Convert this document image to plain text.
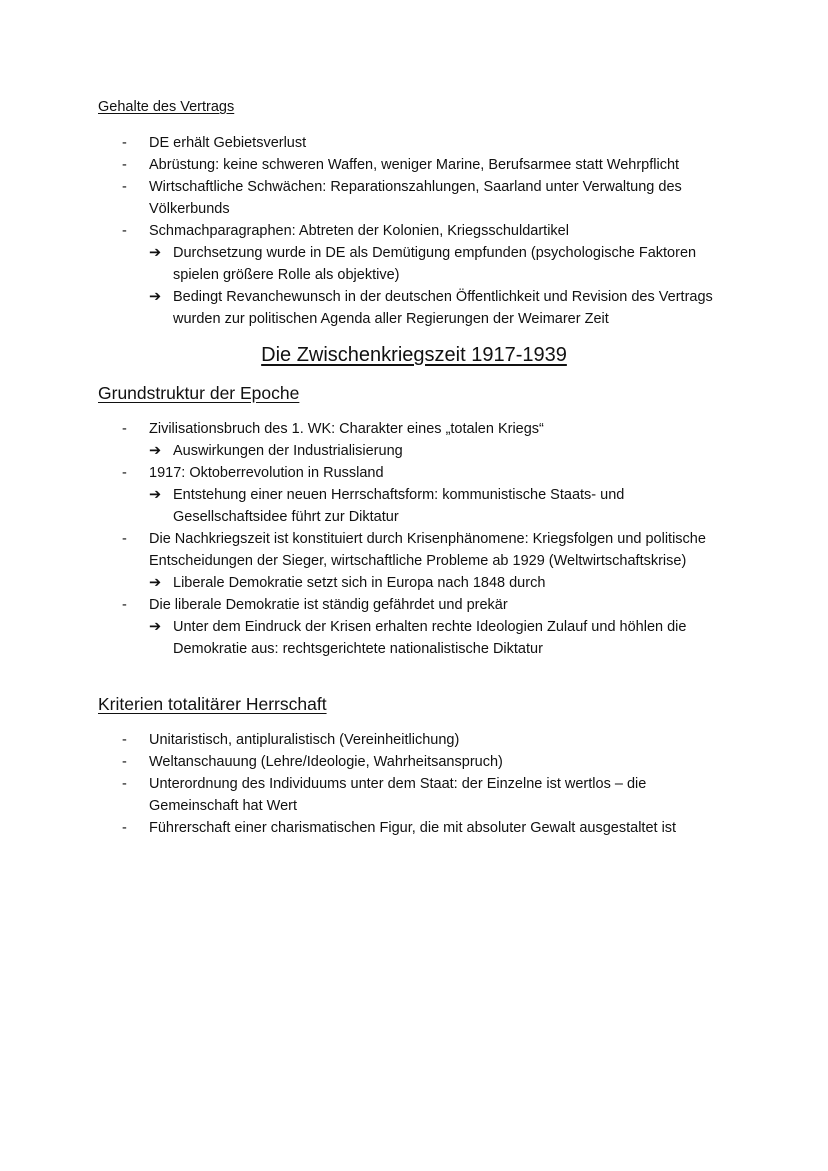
Gehalte des Vertrags
- DE erhält Gebietsverlust
- Abrüstung: keine schweren Waffen, weniger Marine, Berufsarmee statt Wehrpflicht
- Wirtschaftliche Schwächen: Reparationszahlungen, Saarland unter Verwaltung des Völkerbunds
- Schmachparagraphen: Abtreten der Kolonien, Kriegsschuldartikel
➔ Durchsetzung wurde in DE als Demütigung empfunden (psychologische Faktoren spielen größere Rolle als objektive)
➔ Bedingt Revanchewunsch in der deutschen Öffentlichkeit und Revision des Vertrags wurden zur politischen Agenda aller Regierungen der Weimarer Zeit
Die Zwischenkriegszeit 1917-1939
Grundstruktur der Epoche
- Zivilisationsbruch des 1. WK: Charakter eines „totalen Kriegs“
➔ Auswirkungen der Industrialisierung
- 1917: Oktoberrevolution in Russland
➔ Entstehung einer neuen Herrschaftsform: kommunistische Staats- und Gesellschaftsidee führt zur Diktatur
- Die Nachkriegszeit ist konstituiert durch Krisenphänomene: Kriegsfolgen und politische Entscheidungen der Sieger, wirtschaftliche Probleme ab 1929 (Weltwirtschaftskrise)
➔ Liberale Demokratie setzt sich in Europa nach 1848 durch
- Die liberale Demokratie ist ständig gefährdet und prekär
➔ Unter dem Eindruck der Krisen erhalten rechte Ideologien Zulauf und höhlen die Demokratie aus: rechtsgerichtete nationalistische Diktatur
Kriterien totalitärer Herrschaft
- Unitaristisch, antipluralistisch (Vereinheitlichung)
- Weltanschauung (Lehre/Ideologie, Wahrheitsanspruch)
- Unterordnung des Individuums unter dem Staat: der Einzelne ist wertlos – die Gemeinschaft hat Wert
- Führerschaft einer charismatischen Figur, die mit absoluter Gewalt ausgestaltet ist
